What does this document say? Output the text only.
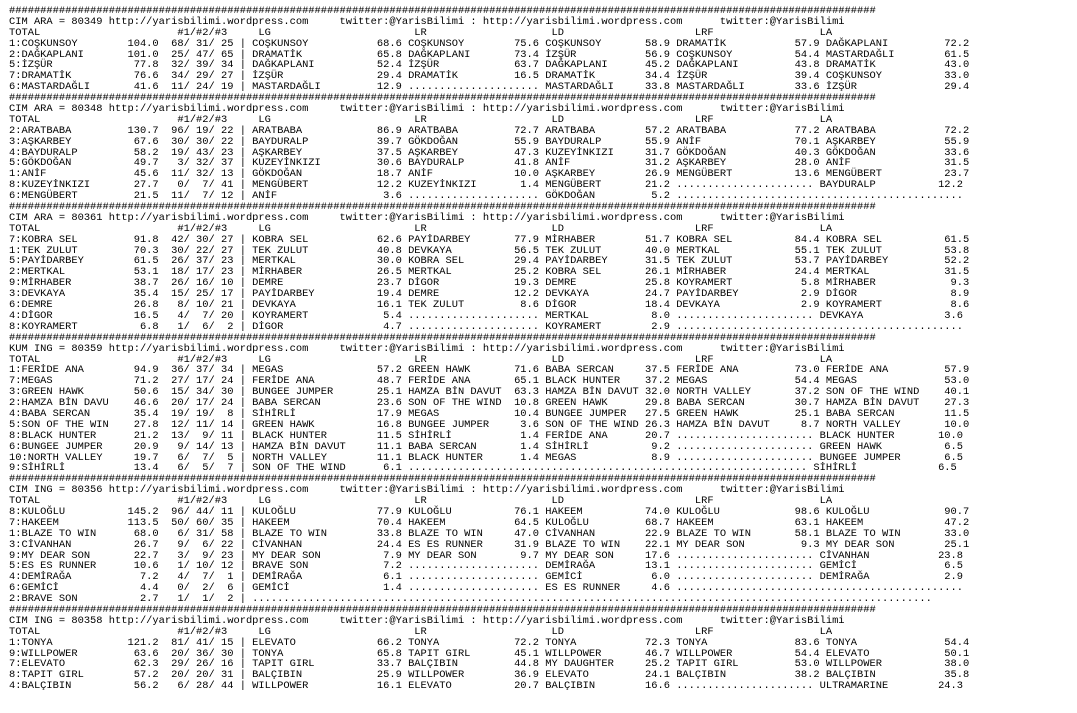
###########################################################################################################################################
CIM ARA = 80349 http://yarisbilimi.wordpress.com     twitter:@YarisBilimi : http://yarisbilimi.wordpress.com      twitter:@YarisBilimi
TOTAL                      #1/#2/#3     LG                       LR                    LD                     LRF                 LA
1:COŞKUNSOY        104.0  68/ 31/ 25 | COŞKUNSOY           68.6 COŞKUNSOY        75.6 COŞKUNSOY       58.9 DRAMATİK           57.9 DAĞKAPLANI         72.2
2:DAĞKAPLANI       101.0  25/ 47/ 65 | DRAMATİK            65.8 DAĞKAPLANI       73.4 İZŞÜR           56.9 COŞKUNSOY          54.4 MASTARDAĞLI        61.5
5:İZŞÜR             77.8  32/ 39/ 34 | DAĞKAPLANI          52.4 İZŞÜR            63.7 DAĞKAPLANI      45.2 DAĞKAPLANI         43.8 DRAMATİK           43.0
7:DRAMATİK          76.6  34/ 29/ 27 | İZŞÜR               29.4 DRAMATİK         16.5 DRAMATİK        34.4 İZŞÜR              39.4 COŞKUNSOY          33.0
6:MASTARDAĞLI       41.6  11/ 24/ 19 | MASTARDAĞLI         12.9 ..................... MASTARDAĞLI     33.8 MASTARDAĞLI        33.6 İZŞÜR              29.4
###########################################################################################################################################
CIM ARA = 80348 http://yarisbilimi.wordpress.com     twitter:@YarisBilimi : http://yarisbilimi.wordpress.com      twitter:@YarisBilimi
TOTAL                      #1/#2/#3     LG                       LR                    LD                     LRF                 LA
2:ARATBABA         130.7  96/ 19/ 22 | ARATBABA            86.9 ARATBABA         72.7 ARATBABA        57.2 ARATBABA           77.2 ARATBABA           72.2
3:AŞKARBEY          67.6  30/ 30/ 22 | BAYDURALP           39.7 GÖKDOĞAN         55.9 BAYDURALP       55.9 ANİF               70.1 AŞKARBEY           55.9
4:BAYDURALP         58.2  19/ 43/ 23 | AŞKARBEY            37.5 AŞKARBEY         47.3 KUZEYİNKIZI     31.7 GÖKDOĞAN           40.3 GÖKDOĞAN           33.6
5:GÖKDOĞAN          49.7   3/ 32/ 37 | KUZEYİNKIZI         30.6 BAYDURALP        41.8 ANİF            31.2 AŞKARBEY           28.0 ANİF               31.5
1:ANİF              45.6  11/ 32/ 13 | GÖKDOĞAN            18.7 ANİF             10.0 AŞKARBEY        26.9 MENGÜBERT          13.6 MENGÜBERT          23.7
8:KUZEYİNKIZI       27.7   0/  7/ 41 | MENGÜBERT           12.2 KUZEYİNKIZI       1.4 MENGÜBERT       21.2 ...................... BAYDURALP          12.2
6:MENGÜBERT         21.5  11/  7/ 12 | ANİF                 3.6 ..................... GÖKDOĞAN         5.2 ..............................................
###########################################################################################################################################
CIM ARA = 80361 http://yarisbilimi.wordpress.com     twitter:@YarisBilimi : http://yarisbilimi.wordpress.com      twitter:@YarisBilimi
TOTAL                      #1/#2/#3     LG                       LR                    LD                     LRF                 LA
7:KOBRA SEL         91.8  42/ 30/ 27 | KOBRA SEL           62.6 PAYİDARBEY       77.9 MİRHABER        51.7 KOBRA SEL          84.4 KOBRA SEL          61.5
1:TEK ZULUT         70.3  30/ 22/ 27 | TEK ZULUT           40.8 DEVKAYA          56.5 TEK ZULUT       40.0 MERTKAL            55.1 TEK ZULUT          53.8
5:PAYİDARBEY        61.5  26/ 37/ 23 | MERTKAL             30.0 KOBRA SEL        29.4 PAYİDARBEY      31.5 TEK ZULUT          53.7 PAYİDARBEY         52.2
2:MERTKAL           53.1  18/ 17/ 23 | MİRHABER            26.5 MERTKAL          25.2 KOBRA SEL       26.1 MİRHABER           24.4 MERTKAL            31.5
9:MİRHABER          38.7  26/ 16/ 10 | DEMRE               23.7 DİGOR            19.3 DEMRE           25.8 KOYRAMERT           5.8 MİRHABER            9.3
3:DEVKAYA           35.4  15/ 25/ 17 | PAYİDARBEY          19.4 DEMRE            12.2 DEVKAYA         24.7 PAYİDARBEY          2.9 DİGOR               8.9
6:DEMRE             26.8   8/ 10/ 21 | DEVKAYA             16.1 TEK ZULUT         8.6 DİGOR           18.4 DEVKAYA             2.9 KOYRAMERT           8.6
4:DİGOR             16.5   4/  7/ 20 | KOYRAMERT            5.4 ..................... MERTKAL          8.0 ...................... DEVKAYA             3.6
8:KOYRAMERT          6.8   1/  6/  2 | DİGOR                4.7 ..................... KOYRAMERT        2.9 ..............................................
###########################################################################################################################################
KUM ING = 80359 http://yarisbilimi.wordpress.com     twitter:@YarisBilimi : http://yarisbilimi.wordpress.com      twitter:@YarisBilimi
TOTAL                      #1/#2/#3     LG                       LR                    LD                     LRF                 LA
1:FERİDE ANA        94.9  36/ 37/ 34 | MEGAS               57.2 GREEN HAWK       71.6 BABA SERCAN     37.5 FERİDE ANA         73.0 FERİDE ANA         57.9
7:MEGAS             71.2  27/ 17/ 24 | FERİDE ANA          48.7 FERİDE ANA       65.1 BLACK HUNTER    37.2 MEGAS              54.4 MEGAS              53.0
3:GREEN HAWK        50.6  15/ 34/ 30 | BUNGEE JUMPER       25.1 HAMZA BİN DAVUT  63.3 HAMZA BİN DAVUT 32.0 NORTH VALLEY       37.2 SON OF THE WIND    40.1
2:HAMZA BİN DAVU    46.6  20/ 17/ 24 | BABA SERCAN         23.6 SON OF THE WIND  10.8 GREEN HAWK      29.8 BABA SERCAN        30.7 HAMZA BİN DAVUT    27.3
4:BABA SERCAN       35.4  19/ 19/  8 | SİHİRLİ             17.9 MEGAS            10.4 BUNGEE JUMPER   27.5 GREEN HAWK         25.1 BABA SERCAN        11.5
5:SON OF THE WIN    27.8  12/ 11/ 14 | GREEN HAWK          16.8 BUNGEE JUMPER     3.6 SON OF THE WIND 26.3 HAMZA BİN DAVUT     8.7 NORTH VALLEY       10.0
8:BLACK HUNTER      21.2  13/  9/ 11 | BLACK HUNTER        11.5 SİHİRLİ           1.4 FERİDE ANA      20.7 ...................... BLACK HUNTER       10.0
6:BUNGEE JUMPER     20.9   9/ 14/ 13 | HAMZA BİN DAVUT     11.1 BABA SERCAN       1.4 SİHİRLİ          9.2 ...................... GREEN HAWK          6.5
10:NORTH VALLEY     19.7   6/  7/  5 | NORTH VALLEY        11.1 BLACK HUNTER      1.4 MEGAS            8.9 ...................... BUNGEE JUMPER       6.5
9:SİHİRLİ           13.4   6/  5/  7 | SON OF THE WIND      6.1 ................................................................ SİHİRLİ             6.5
###########################################################################################################################################
CIM ING = 80356 http://yarisbilimi.wordpress.com     twitter:@YarisBilimi : http://yarisbilimi.wordpress.com      twitter:@YarisBilimi
TOTAL                      #1/#2/#3     LG                       LR                    LD                     LRF                 LA
8:KULOĞLU          145.2  96/ 44/ 11 | KULOĞLU             77.9 KULOĞLU          76.1 HAKEEM          74.0 KULOĞLU            98.6 KULOĞLU            90.7
7:HAKEEM           113.5  50/ 60/ 35 | HAKEEM              70.4 HAKEEM           64.5 KULOĞLU         68.7 HAKEEM             63.1 HAKEEM             47.2
1:BLAZE TO WIN      68.0   6/ 31/ 58 | BLAZE TO WIN        33.8 BLAZE TO WIN     47.0 CİVANHAN        22.9 BLAZE TO WIN       58.1 BLAZE TO WIN       33.0
3:CİVANHAN          26.7   9/  6/ 22 | CİVANHAN            24.4 ES ES RUNNER     31.9 BLAZE TO WIN    22.1 MY DEAR SON         9.3 MY DEAR SON        25.1
9:MY DEAR SON       22.7   3/  9/ 23 | MY DEAR SON          7.9 MY DEAR SON       9.7 MY DEAR SON     17.6 ...................... CİVANHAN           23.8
5:ES ES RUNNER      10.6   1/ 10/ 12 | BRAVE SON            7.2 ..................... DEMİRAĞA        13.1 ...................... GEMİCİ              6.5
4:DEMİRAĞA           7.2   4/  7/  1 | DEMİRAĞA             6.1 ..................... GEMİCİ           6.0 ...................... DEMİRAĞA            2.9
6:GEMİCİ             4.4   0/  2/  6 | GEMİCİ               1.4 ..................... ES ES RUNNER     4.6 ..............................................
2:BRAVE SON          2.7   1/  1/  2 | .............................................................................................................
###########################################################################################################################################
CIM ING = 80358 http://yarisbilimi.wordpress.com     twitter:@YarisBilimi : http://yarisbilimi.wordpress.com      twitter:@YarisBilimi
TOTAL                      #1/#2/#3     LG                       LR                    LD                     LRF                 LA
1:TONYA            121.2  81/ 41/ 15 | ELEVATO             66.2 TONYA            72.2 TONYA           72.3 TONYA              83.6 TONYA              54.4
9:WILLPOWER         63.6  20/ 36/ 30 | TONYA               65.8 TAPIT GIRL       45.1 WILLPOWER       46.7 WILLPOWER          54.4 ELEVATO            50.1
7:ELEVATO           62.3  29/ 26/ 16 | TAPIT GIRL          33.7 BALÇIBIN         44.8 MY DAUGHTER     25.2 TAPIT GIRL         53.0 WILLPOWER          38.0
8:TAPIT GIRL        57.2  20/ 20/ 31 | BALÇIBIN            25.9 WILLPOWER        36.9 ELEVATO         24.1 BALÇIBIN           38.2 BALÇIBIN           35.8
4:BALÇIBIN          56.2   6/ 28/ 44 | WILLPOWER           16.1 ELEVATO          20.7 BALÇIBIN        16.6 ...................... ULTRAMARINE        24.3
